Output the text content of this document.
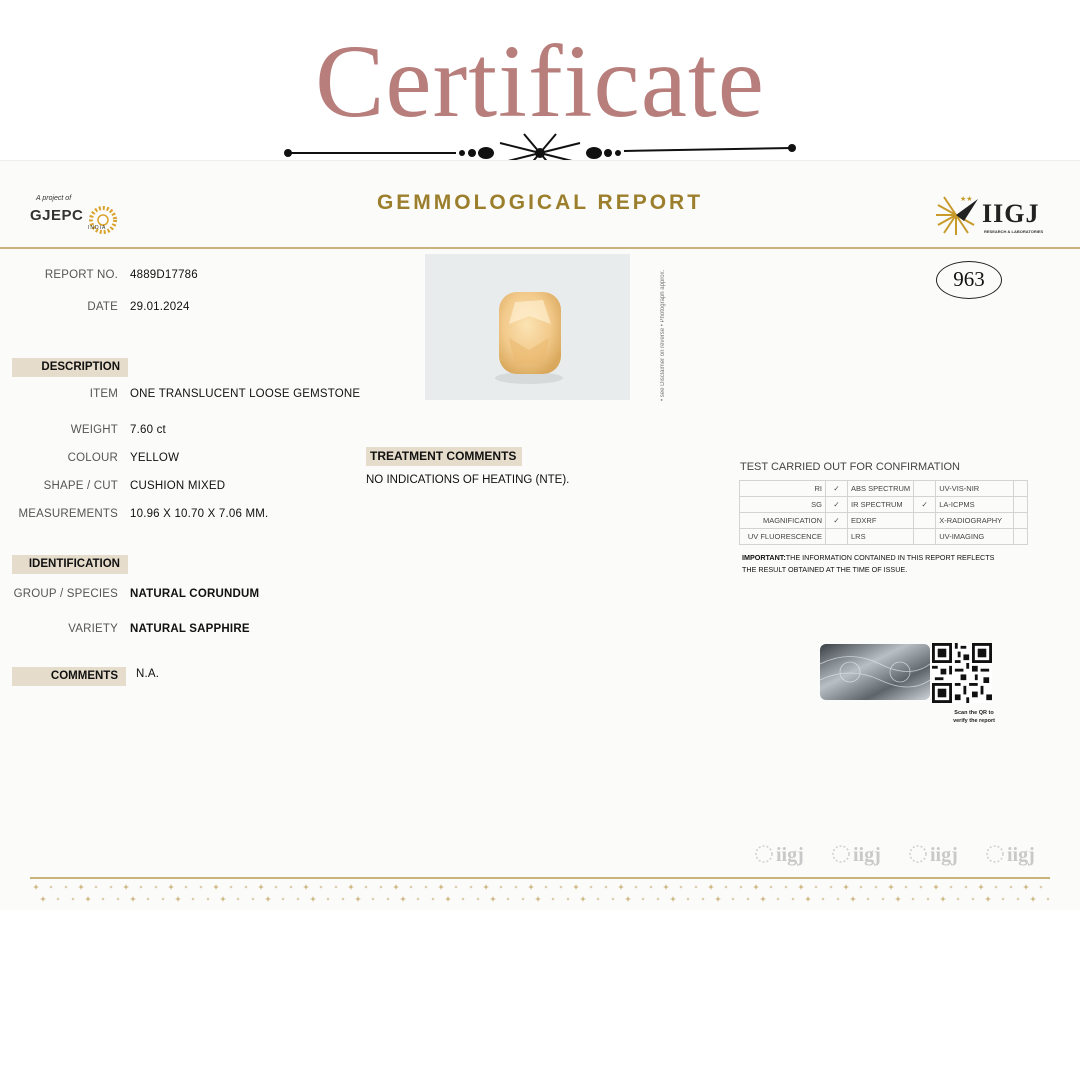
Certificate
A project of
GJEPC
INDIA
GEMMOLOGICAL REPORT	★★ IIGJ
RESEARCH & LABORATORIES
REPORT NO. 4889D17786
DATE 29.01.2024
DESCRIPTION
ITEM ONE TRANSLUCENT LOOSE GEMSTONE
WEIGHT 7.60 ct
COLOUR YELLOW
SHAPE / CUT CUSHION MIXED
MEASUREMENTS 10.96 X 10.70 X 7.06 MM.
IDENTIFICATION
GROUP / SPECIES NATURAL CORUNDUM
VARIETY NATURAL SAPPHIRE
COMMENTS	N.A.
• see Disclaimer on reverse • Photograph approx.	963
TREATMENT COMMENTS
NO INDICATIONS OF HEATING (NTE).
TEST CARRIED OUT FOR CONFIRMATION
RI	✓	ABS SPECTRUM		UV-VIS-NIR	
SG	✓	IR SPECTRUM	✓	LA-ICPMS	
MAGNIFICATION	✓	EDXRF		X-RADIOGRAPHY	
UV FLUORESCENCE		LRS		UV-IMAGING	
IMPORTANT:THE INFORMATION CONTAINED IN THIS REPORT REFLECTS THE RESULT OBTAINED AT THE TIME OF ISSUE.
Scan the QR to
verify the report
iigj iigj iigj iigj
